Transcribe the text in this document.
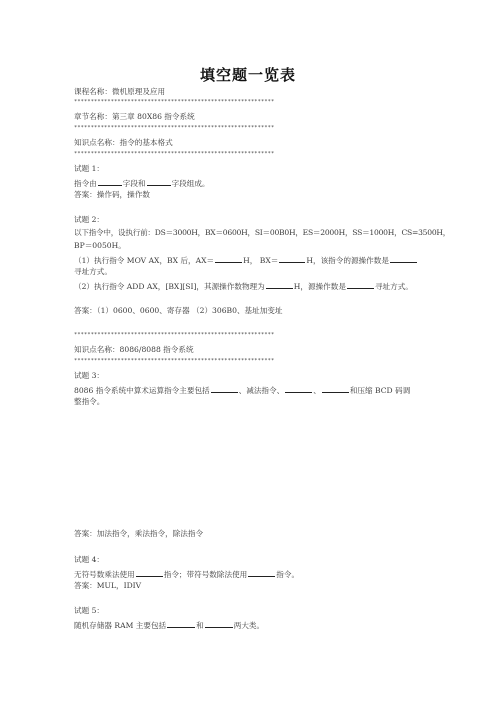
填空题一览表
课程名称：微机原理及应用
************************************************************
章节名称：第三章 80X86 指令系统
************************************************************
知识点名称：指令的基本格式
************************************************************
试题 1：
指令由	字段和	字段组成。
答案：操作码，操作数
试题 2：
以下指令中，设执行前：DS＝3000H，BX＝0600H，SI＝00B0H，ES＝2000H，SS＝1000H，CS=3500H，
BP＝0050H。
（1）执行指令 MOV AX，BX 后，AX＝	H， BX＝	H，该指令的源操作数是
寻址方式。
（2）执行指令 ADD AX，[BX][SI]，其源操作数物理为	H，源操作数是	寻址方式。
答案：（1）0600、0600、寄存器 （2）306B0、基址加变址
************************************************************
知识点名称：8086/8088 指令系统
************************************************************
试题 3：
8086 指令系统中算术运算指令主要包括	、减法指令、	、	和压缩 BCD 码调
整指令。
答案：加法指令，乘法指令，除法指令
试题 4：
无符号数乘法使用	指令；带符号数除法使用	指令。
答案：MUL，IDIV
试题 5：
随机存储器 RAM 主要包括	和	两大类。
